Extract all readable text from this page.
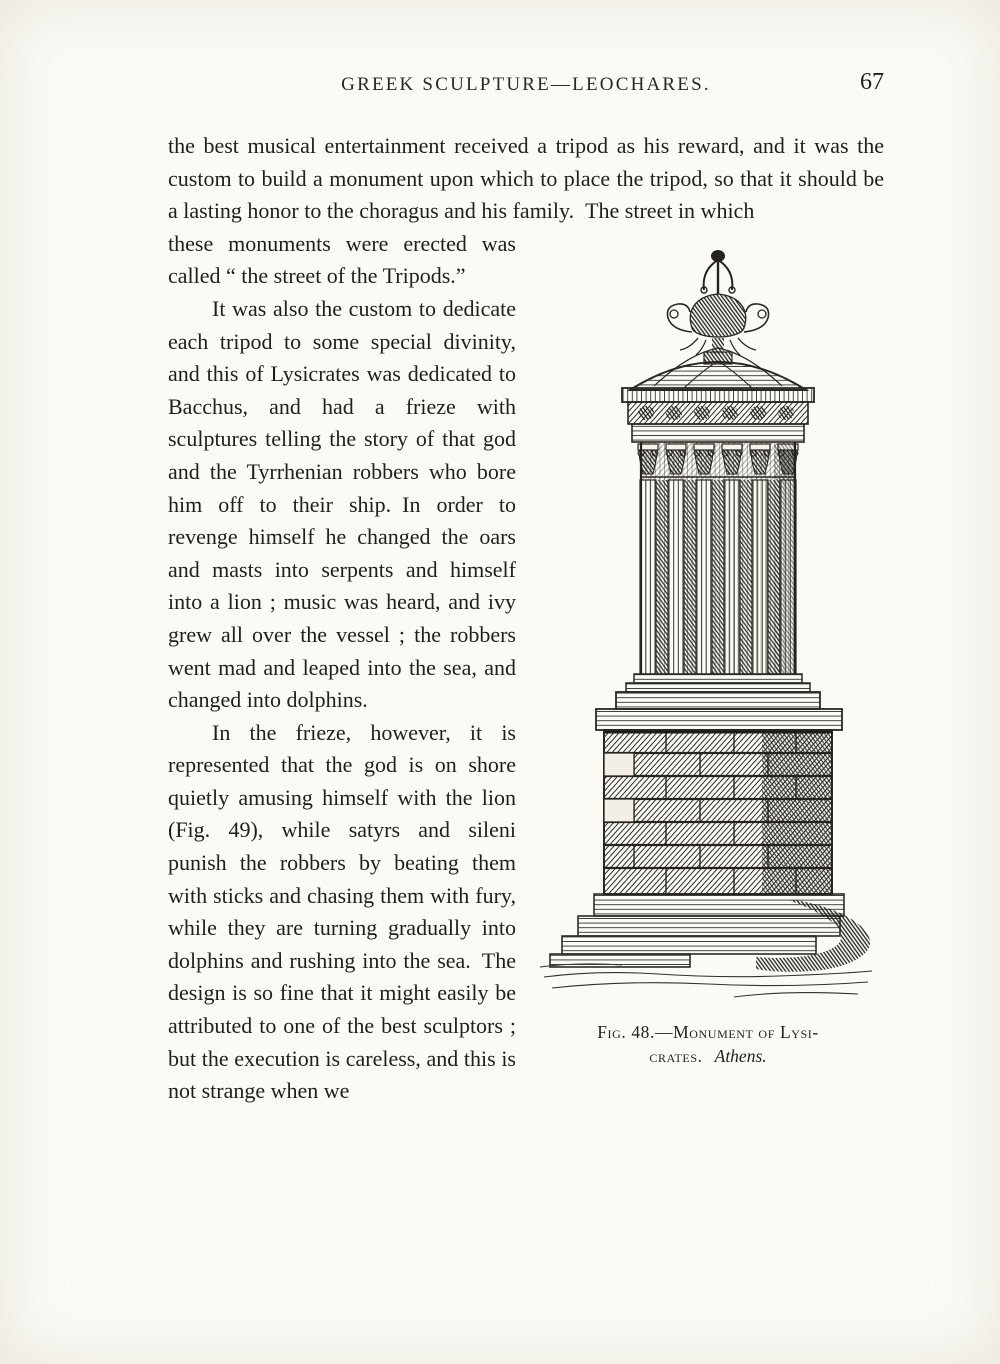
GREEK SCULPTURE—LEOCHARES.	67

the best musical entertainment received a tripod as his reward, and it was the custom to build a monument upon which to place the tripod, so that it should be a lasting honor to the choragus and his family. The street in which

Fig. 48.—Monument of Lysi-
crates. Athens.

these monuments were erected was called “ the street of the Tripods.”

It was also the custom to dedicate each tripod to some special divinity, and this of Lysicrates was dedicated to Bacchus, and had a frieze with sculptures telling the story of that god and the Tyrrhenian robbers who bore him off to their ship. In order to revenge himself he changed the oars and masts into serpents and himself into a lion ; music was heard, and ivy grew all over the vessel ; the robbers went mad and leaped into the sea, and changed into dolphins.

In the frieze, however, it is represented that the god is on shore quietly amusing himself with the lion (Fig. 49), while satyrs and sileni punish the robbers by beating them with sticks and chasing them with fury, while they are turning gradually into dolphins and rushing into the sea. The design is so fine that it might easily be attributed to one of the best sculptors ; but the execution is careless, and this is not strange when we
